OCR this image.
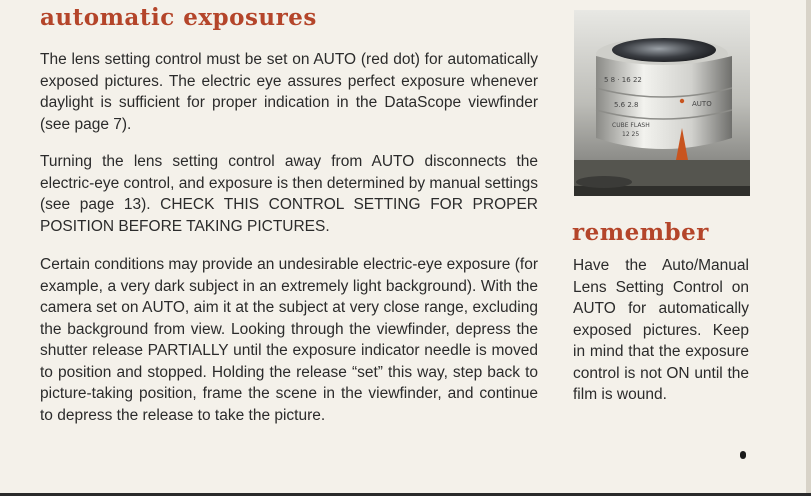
automatic exposures

The lens setting control must be set on AUTO (red dot) for automatically exposed pictures. The electric eye assures perfect exposure whenever daylight is sufficient for proper indication in the DataScope viewfinder (see page 7).

Turning the lens setting control away from AUTO disconnects the electric-eye control, and exposure is then determined by manual settings (see page 13). CHECK THIS CONTROL SETTING FOR PROPER POSITION BEFORE TAKING PICTURES.

Certain conditions may provide an undesirable electric-eye exposure (for example, a very dark subject in an extremely light background). With the camera set on AUTO, aim it at the subject at very close range, excluding the background from view. Looking through the viewfinder, depress the shutter release PARTIALLY until the exposure indicator needle is moved to position and stopped. Holding the release “set” this way, step back to picture-taking position, frame the scene in the viewfinder, and continue to depress the release to take the picture.

5 8 · 16 22
5.6 2.8	AUTO
CUBE FLASH
12 25
remember

Have the Auto/Manual Lens Setting Control on AUTO for automatically exposed pictures. Keep in mind that the exposure control is not ON until the film is wound.
